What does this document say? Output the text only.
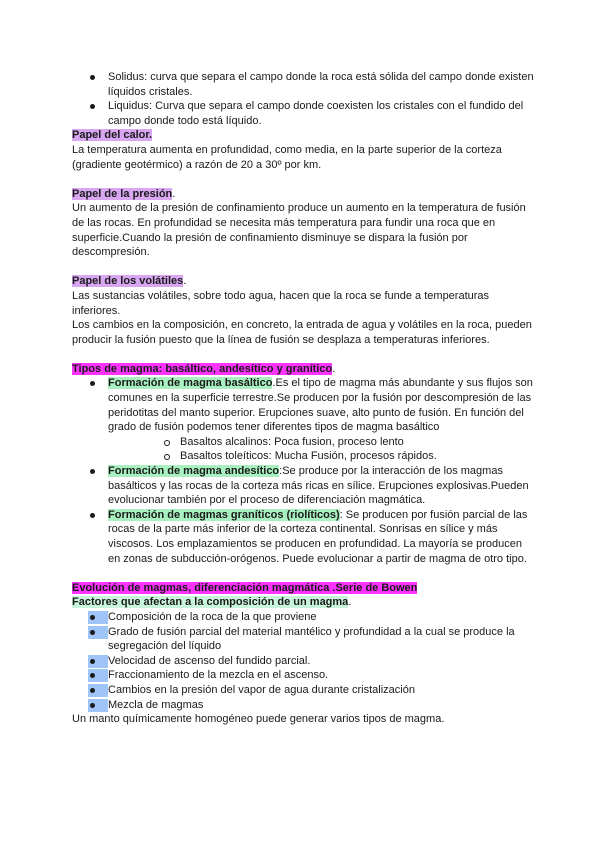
Solidus: curva que separa el campo donde la roca está sólida del campo donde existen líquidos cristales.
Liquidus: Curva que separa el campo donde coexisten los cristales con el fundido del campo donde todo está líquido.

Papel del calor.

La temperatura aumenta en profundidad, como media, en la parte superior de la corteza (gradiente geotérmico) a razón de 20 a 30º por km.

Papel de la presión.

Un aumento de la presión de confinamiento produce un aumento en la temperatura de fusión de las rocas. En profundidad se necesita más temperatura para fundir una roca que en superficie.Cuando la presión de confinamiento disminuye se dispara la fusión por descompresión.

Papel de los volátiles.

Las sustancias volátiles, sobre todo agua, hacen que la roca se funde a temperaturas inferiores.

Los cambios en la composición, en concreto, la entrada de agua y volátiles en la roca, pueden producir la fusión puesto que la línea de fusión se desplaza a temperaturas inferiores.

Tipos de magma: basáltico, andesítico y granítico.

Formación de magma basáltico.Es el tipo de magma más abundante y sus flujos son comunes en la superficie terrestre.Se producen por la fusión por descompresión de las peridotitas del manto superior. Erupciones suave, alto punto de fusión. En función del grado de fusión podemos tener diferentes tipos de magma basáltico
Basaltos alcalinos: Poca fusion, proceso lento
Basaltos toleíticos: Mucha Fusión, procesos rápidos.
Formación de magma andesítico:Se produce por la interacción de los magmas basálticos y las rocas de la corteza más ricas en sílice. Erupciones explosivas.Pueden evolucionar también por el proceso de diferenciación magmática.
Formación de magmas graníticos (riolíticos): Se producen por fusión parcial de las rocas de la parte más inferior de la corteza continental. Sonrisas en sílice y más viscosos. Los emplazamientos se producen en profundidad. La mayoría se producen en zonas de subducción-orógenos. Puede evolucionar a partir de magma de otro tipo.

Evolución de magmas, diferenciación magmática .Serie de Bowen

Factores que afectan a la composición de un magma.

Composición de la roca de la que proviene
Grado de fusión parcial del material mantélico y profundidad a la cual se produce la segregación del líquido
Velocidad de ascenso del fundido parcial.
Fraccionamiento de la mezcla en el ascenso.
Cambios en la presión del vapor de agua durante cristalización
Mezcla de magmas

Un manto químicamente homogéneo puede generar varios tipos de magma.
